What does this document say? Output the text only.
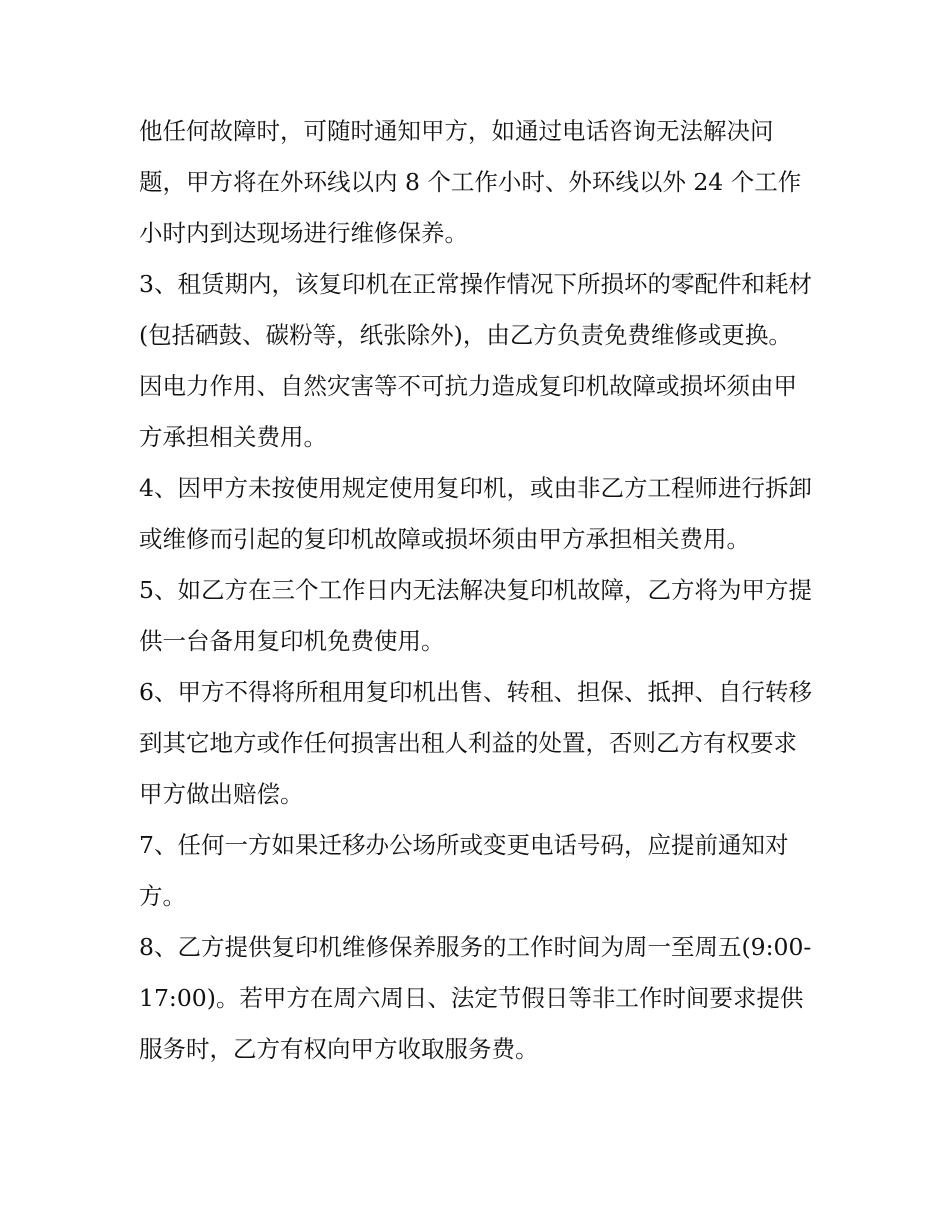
他任何故障时，可随时通知甲方，如通过电话咨询无法解决问题，甲方将在外环线以内 8 个工作小时、外环线以外 24 个工作小时内到达现场进行维修保养。

3、租赁期内，该复印机在正常操作情况下所损坏的零配件和耗材(包括硒鼓、碳粉等，纸张除外)，由乙方负责免费维修或更换。因电力作用、自然灾害等不可抗力造成复印机故障或损坏须由甲方承担相关费用。

4、因甲方未按使用规定使用复印机，或由非乙方工程师进行拆卸或维修而引起的复印机故障或损坏须由甲方承担相关费用。

5、如乙方在三个工作日内无法解决复印机故障，乙方将为甲方提供一台备用复印机免费使用。

6、甲方不得将所租用复印机出售、转租、担保、抵押、自行转移到其它地方或作任何损害出租人利益的处置，否则乙方有权要求甲方做出赔偿。

7、任何一方如果迁移办公场所或变更电话号码，应提前通知对方。

8、乙方提供复印机维修保养服务的工作时间为周一至周五(9:00-17:00)。若甲方在周六周日、法定节假日等非工作时间要求提供服务时，乙方有权向甲方收取服务费。
